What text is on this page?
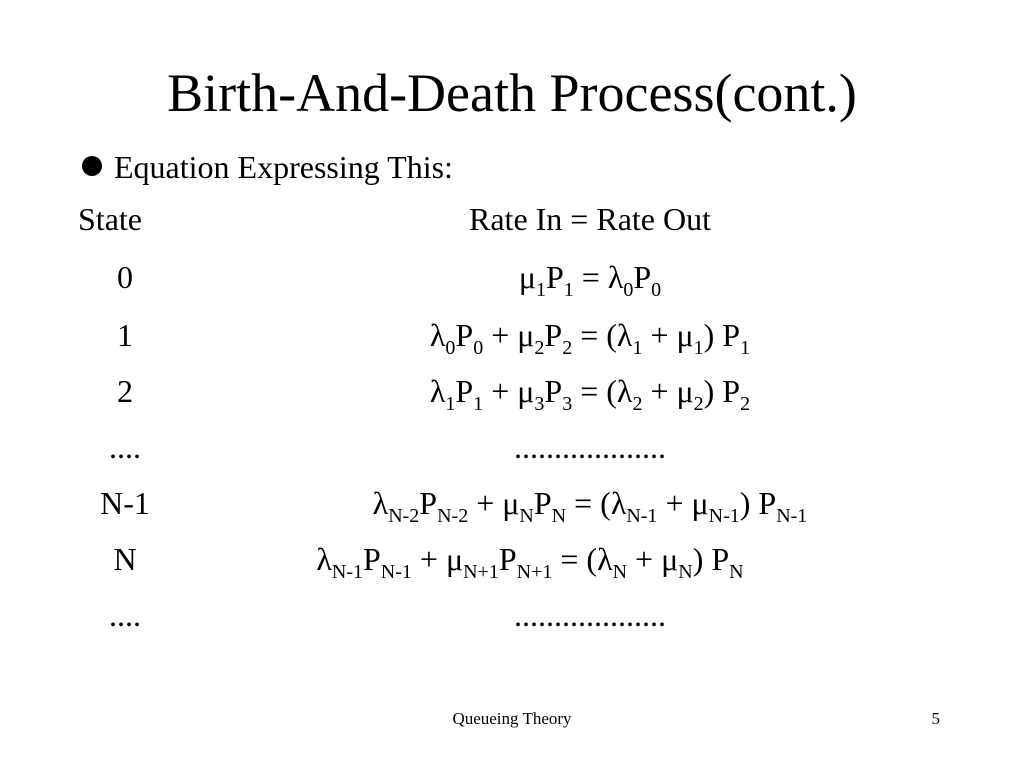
Birth-And-Death Process(cont.)
Equation Expressing This:
State	Rate In = Rate Out
0	$\mu_1P_1 = \lambda_0P_0$
1	$\lambda_0P_0 + \mu_2P_2 = (\lambda_1 + \mu_1)$ $P_1$
2	$\lambda_1P_1 + \mu_3P_3 = (\lambda_2 + \mu_2)$ $P_2$
....	...................
N-1	$\lambda_{N-2}P_{N-2} + \mu_NP_N = (\lambda_{N-1} + \mu_{N-1})$ $P_{N-1}$
N	$\lambda_{N-1}P_{N-1} + \mu_{N+1}P_{N+1} = (\lambda_N + \mu_N)$ $P_N$
....	...................
Queueing Theory	5
